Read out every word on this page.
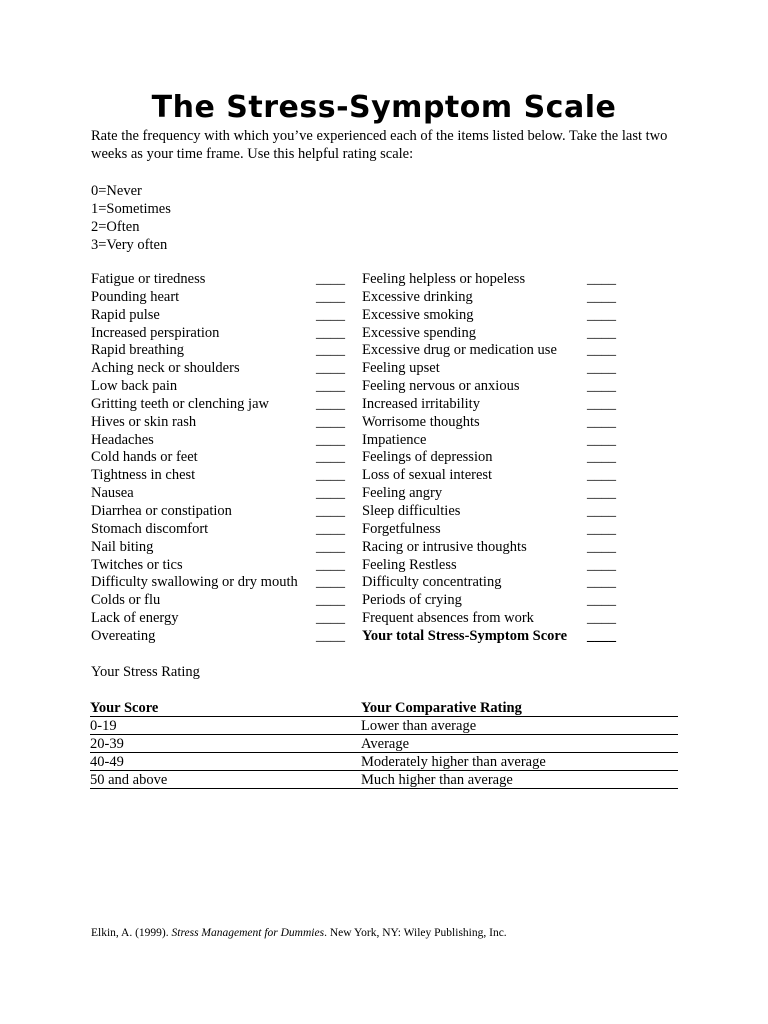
The Stress-Symptom Scale
Rate the frequency with which you’ve experienced each of the items listed below. Take the last two weeks as your time frame. Use this helpful rating scale:
0=Never
1=Sometimes
2=Often
3=Very often
Fatigue or tiredness	____
Pounding heart	____
Rapid pulse	____
Increased perspiration	____
Rapid breathing	____
Aching neck or shoulders	____
Low back pain	____
Gritting teeth or clenching jaw	____
Hives or skin rash	____
Headaches	____
Cold hands or feet	____
Tightness in chest	____
Nausea	____
Diarrhea or constipation	____
Stomach discomfort	____
Nail biting	____
Twitches or tics	____
Difficulty swallowing or dry mouth ____
Colds or flu	____
Lack of energy	____
Overeating	____
Feeling helpless or hopeless	____
Excessive drinking	____
Excessive smoking	____
Excessive spending	____
Excessive drug or medication use ____
Feeling upset	____
Feeling nervous or anxious	____
Increased irritability	____
Worrisome thoughts	____
Impatience	____
Feelings of depression	____
Loss of sexual interest	____
Feeling angry	____
Sleep difficulties	____
Forgetfulness	____
Racing or intrusive thoughts	____
Feeling Restless	____
Difficulty concentrating	____
Periods of crying	____
Frequent absences from work	____
Your total Stress-Symptom Score ____
Your Stress Rating
Your Score	Your Comparative Rating
0-19	Lower than average
20-39	Average
40-49	Moderately higher than average
50 and above	Much higher than average
Elkin, A. (1999). Stress Management for Dummies. New York, NY: Wiley Publishing, Inc.
